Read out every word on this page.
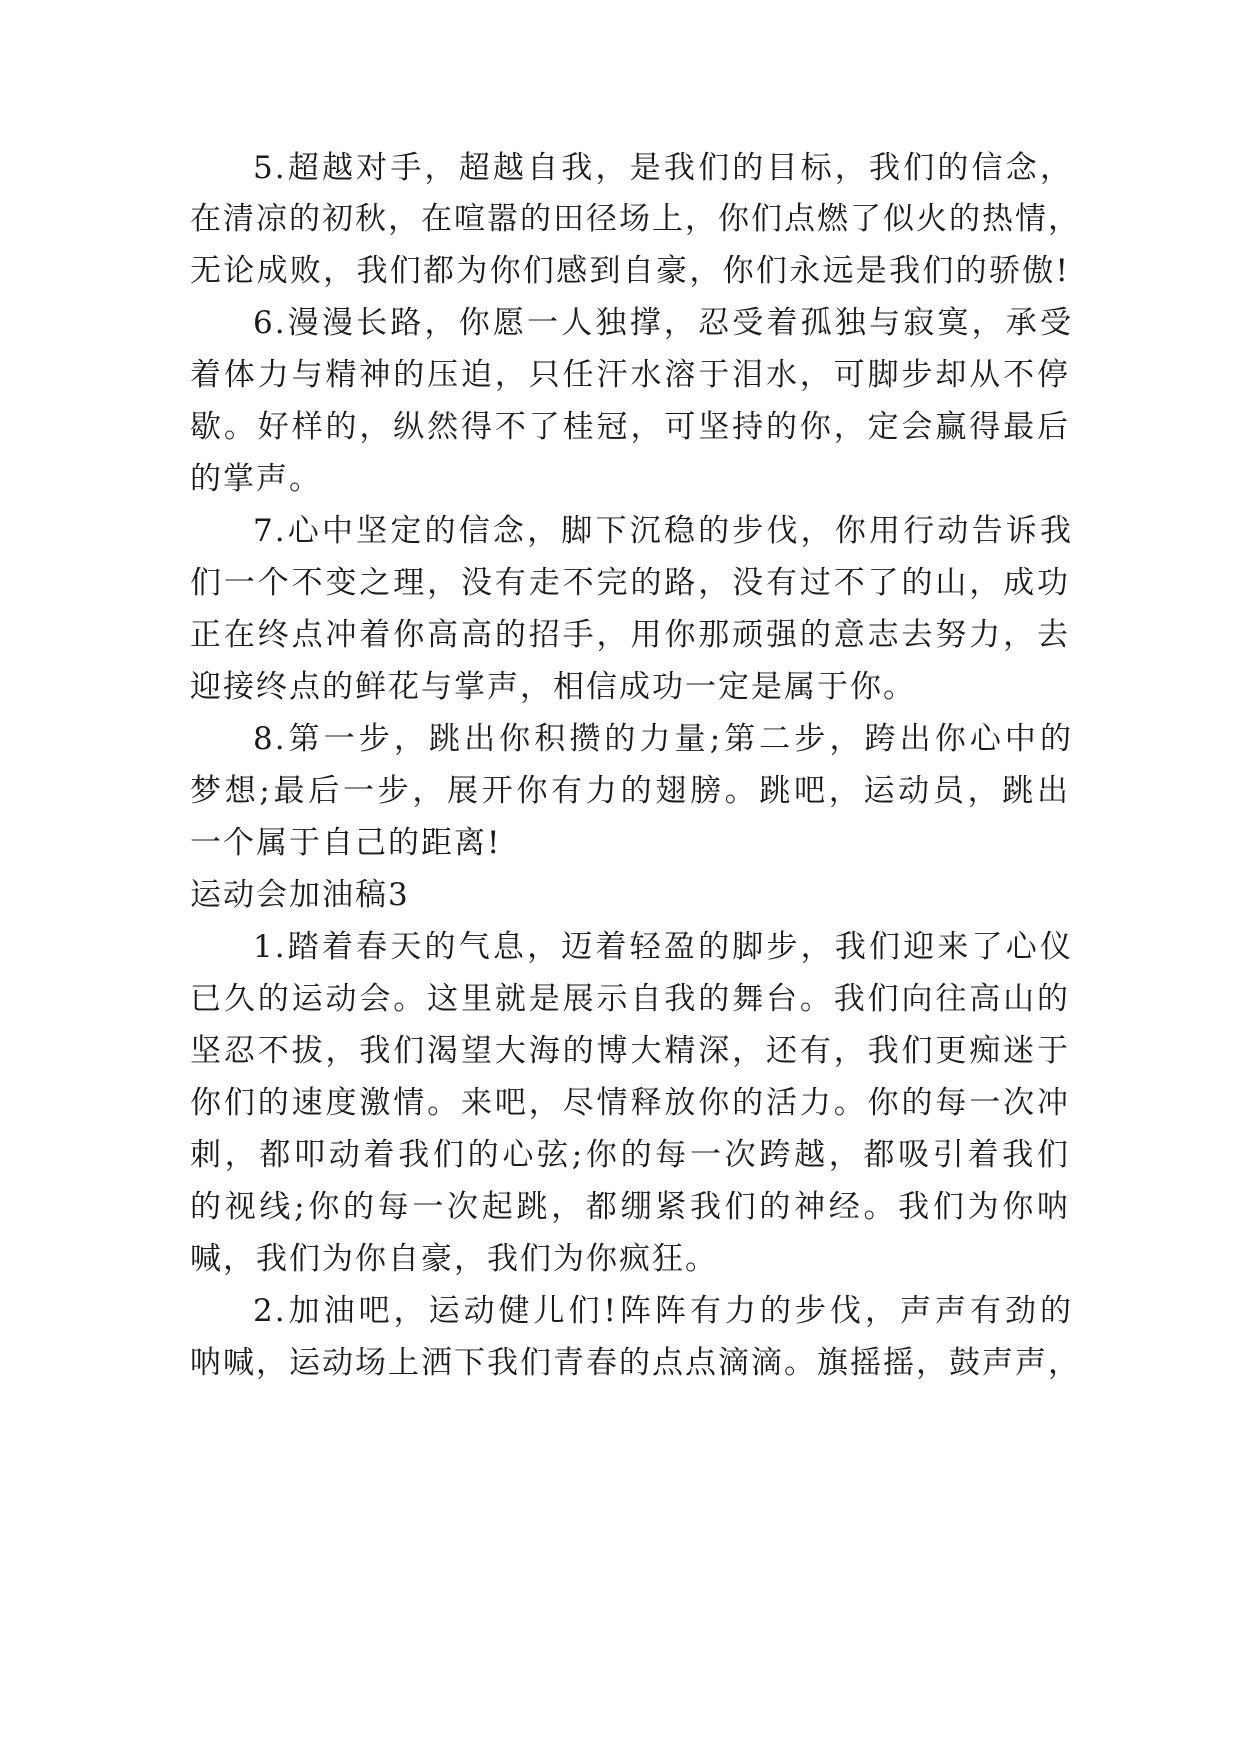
5.超越对手，超越自我，是我们的目标，我们的信念，
在清凉的初秋，在喧嚣的田径场上，你们点燃了似火的热情，
无论成败，我们都为你们感到自豪，你们永远是我们的骄傲!
6.漫漫长路，你愿一人独撑，忍受着孤独与寂寞，承受
着体力与精神的压迫，只任汗水溶于泪水，可脚步却从不停
歇。好样的，纵然得不了桂冠，可坚持的你，定会赢得最后
的掌声。
7.心中坚定的信念，脚下沉稳的步伐，你用行动告诉我
们一个不变之理，没有走不完的路，没有过不了的山，成功
正在终点冲着你高高的招手，用你那顽强的意志去努力，去
迎接终点的鲜花与掌声，相信成功一定是属于你。
8.第一步，跳出你积攒的力量;第二步，跨出你心中的
梦想;最后一步，展开你有力的翅膀。跳吧，运动员，跳出
一个属于自己的距离!
运动会加油稿3
1.踏着春天的气息，迈着轻盈的脚步，我们迎来了心仪
已久的运动会。这里就是展示自我的舞台。我们向往高山的
坚忍不拔，我们渴望大海的博大精深，还有，我们更痴迷于
你们的速度激情。来吧，尽情释放你的活力。你的每一次冲
刺，都叩动着我们的心弦;你的每一次跨越，都吸引着我们
的视线;你的每一次起跳，都绷紧我们的神经。我们为你呐
喊，我们为你自豪，我们为你疯狂。
2.加油吧，运动健儿们!阵阵有力的步伐，声声有劲的
呐喊，运动场上洒下我们青春的点点滴滴。旗摇摇，鼓声声，
